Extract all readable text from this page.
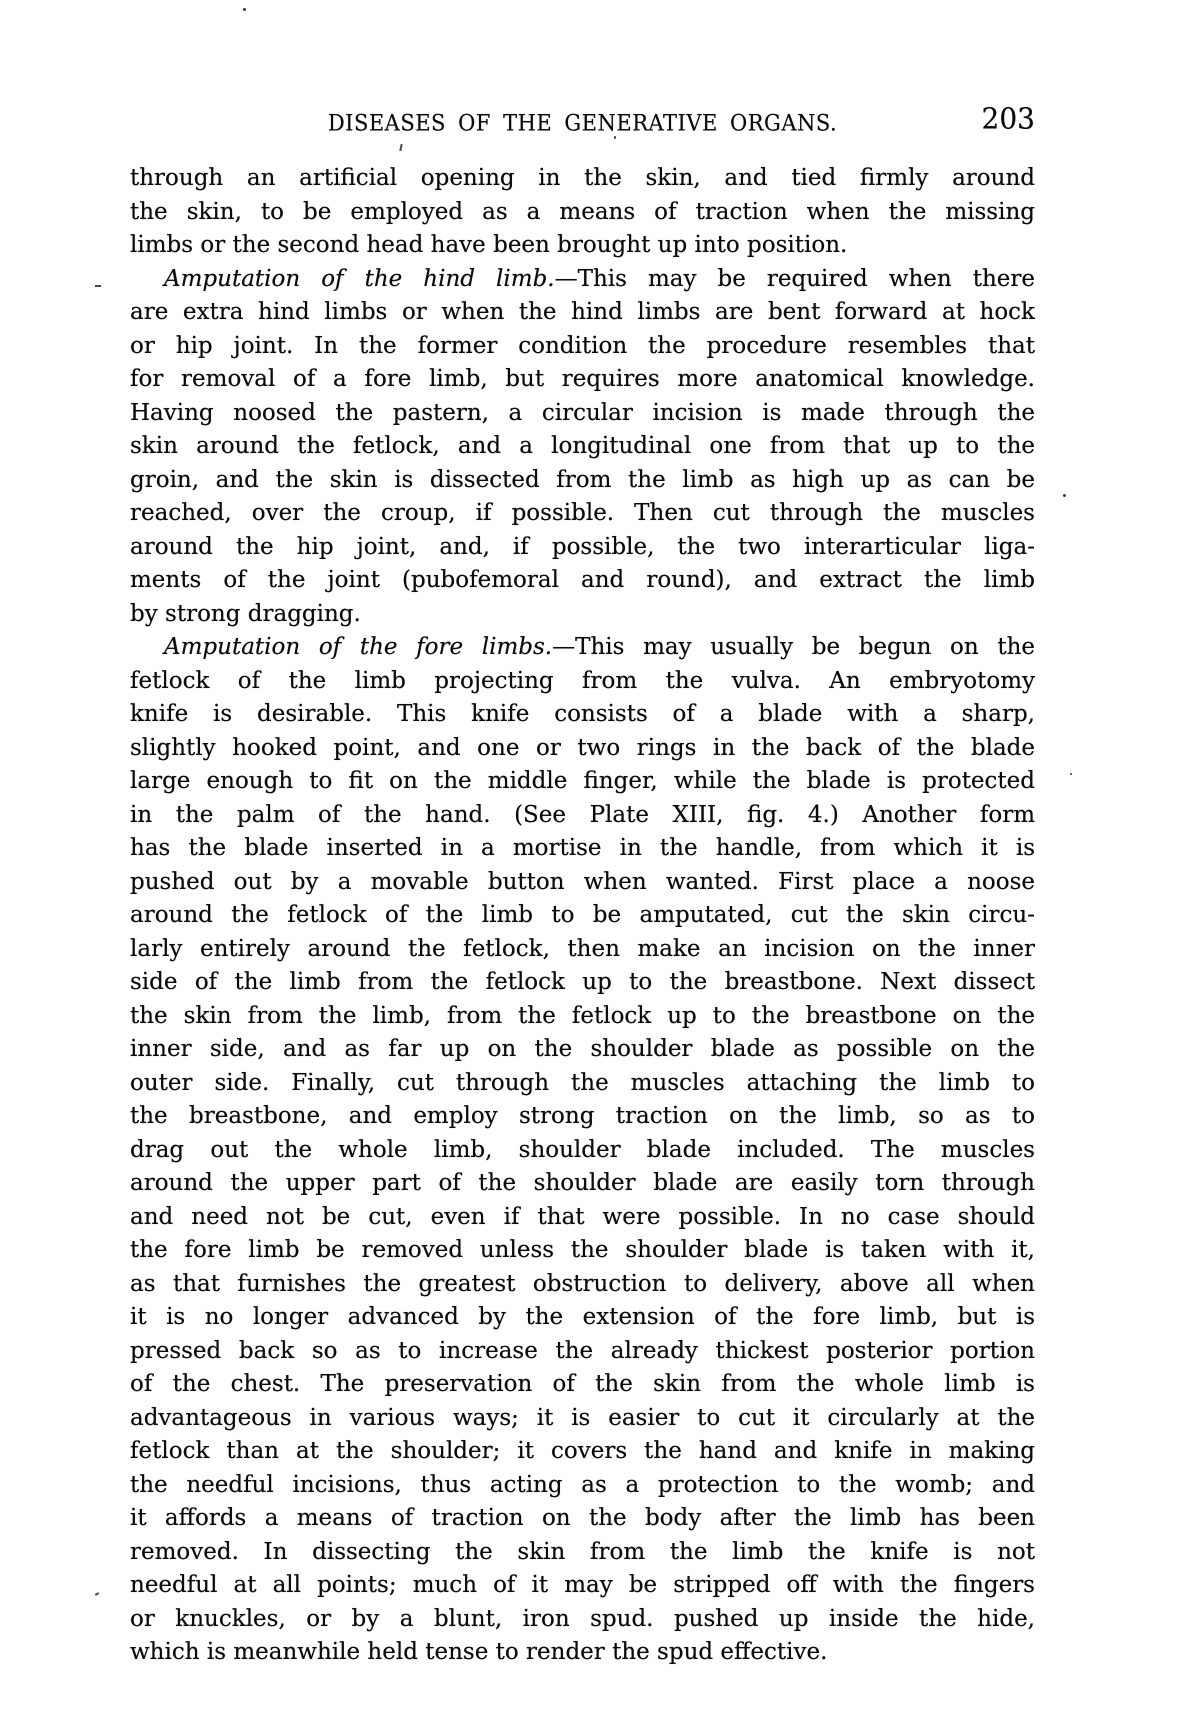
DISEASES OF THE GENERATIVE ORGANS.	203
through an artificial opening in the skin, and tied firmly around
the skin, to be employed as a means of traction when the missing
limbs or the second head have been brought up into position.
Amputation of the hind limb.—This may be required when there
are extra hind limbs or when the hind limbs are bent forward at hock
or hip joint. In the former condition the procedure resembles that
for removal of a fore limb, but requires more anatomical knowledge.
Having noosed the pastern, a circular incision is made through the
skin around the fetlock, and a longitudinal one from that up to the
groin, and the skin is dissected from the limb as high up as can be
reached, over the croup, if possible. Then cut through the muscles
around the hip joint, and, if possible, the two interarticular liga-
ments of the joint (pubofemoral and round), and extract the limb
by strong dragging.
Amputation of the fore limbs.—This may usually be begun on the
fetlock of the limb projecting from the vulva. An embryotomy
knife is desirable. This knife consists of a blade with a sharp,
slightly hooked point, and one or two rings in the back of the blade
large enough to fit on the middle finger, while the blade is protected
in the palm of the hand. (See Plate XIII, fig. 4.) Another form
has the blade inserted in a mortise in the handle, from which it is
pushed out by a movable button when wanted. First place a noose
around the fetlock of the limb to be amputated, cut the skin circu-
larly entirely around the fetlock, then make an incision on the inner
side of the limb from the fetlock up to the breastbone. Next dissect
the skin from the limb, from the fetlock up to the breastbone on the
inner side, and as far up on the shoulder blade as possible on the
outer side. Finally, cut through the muscles attaching the limb to
the breastbone, and employ strong traction on the limb, so as to
drag out the whole limb, shoulder blade included. The muscles
around the upper part of the shoulder blade are easily torn through
and need not be cut, even if that were possible. In no case should
the fore limb be removed unless the shoulder blade is taken with it,
as that furnishes the greatest obstruction to delivery, above all when
it is no longer advanced by the extension of the fore limb, but is
pressed back so as to increase the already thickest posterior portion
of the chest. The preservation of the skin from the whole limb is
advantageous in various ways; it is easier to cut it circularly at the
fetlock than at the shoulder; it covers the hand and knife in making
the needful incisions, thus acting as a protection to the womb; and
it affords a means of traction on the body after the limb has been
removed. In dissecting the skin from the limb the knife is not
needful at all points; much of it may be stripped off with the fingers
or knuckles, or by a blunt, iron spud. pushed up inside the hide,
which is meanwhile held tense to render the spud effective.
